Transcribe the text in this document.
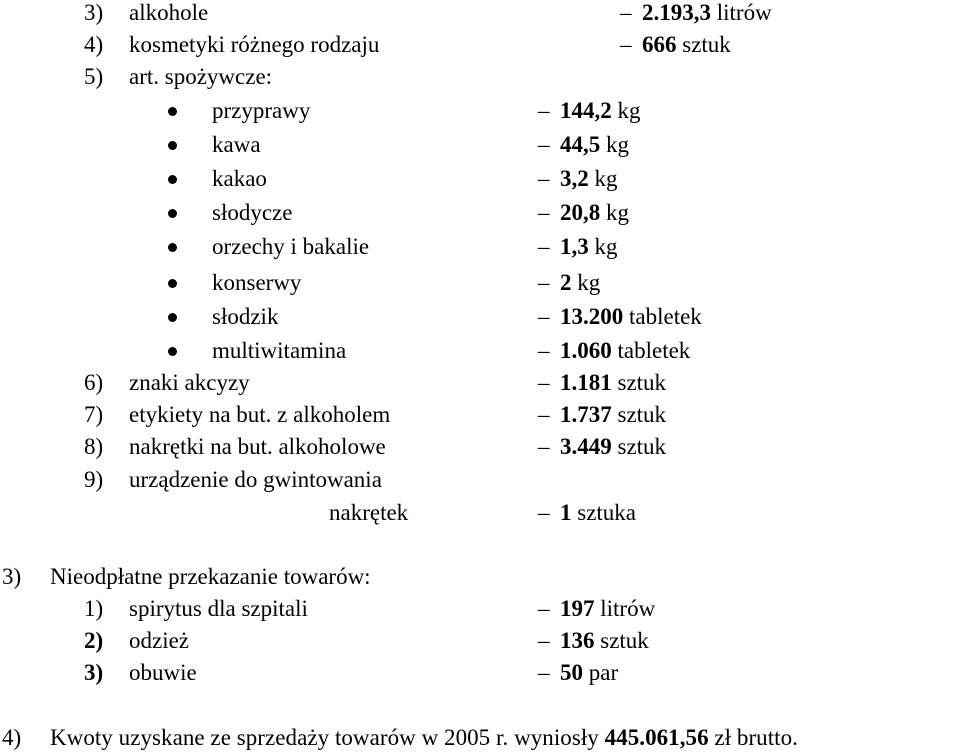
3) alkohole	– 2.193,3 litrów
4) kosmetyki różnego rodzaju	– 666 sztuk
5) art. spożywcze:
przyprawy	– 144,2 kg
kawa	– 44,5 kg
kakao	– 3,2 kg
słodycze	– 20,8 kg
orzechy i bakalie	– 1,3 kg
konserwy	– 2 kg
słodzik	– 13.200 tabletek
multiwitamina	– 1.060 tabletek
6) znaki akcyzy	– 1.181 sztuk
7) etykiety na but. z alkoholem	– 1.737 sztuk
8) nakrętki na but. alkoholowe	– 3.449 sztuk
9) urządzenie do gwintowania
nakrętek	– 1 sztuka
3) Nieodpłatne przekazanie towarów:
1) spirytus dla szpitali	– 197 litrów
2) odzież	– 136 sztuk
3) obuwie	– 50 par
4) Kwoty uzyskane ze sprzedaży towarów w 2005 r. wyniosły 445.061,56 zł brutto.
